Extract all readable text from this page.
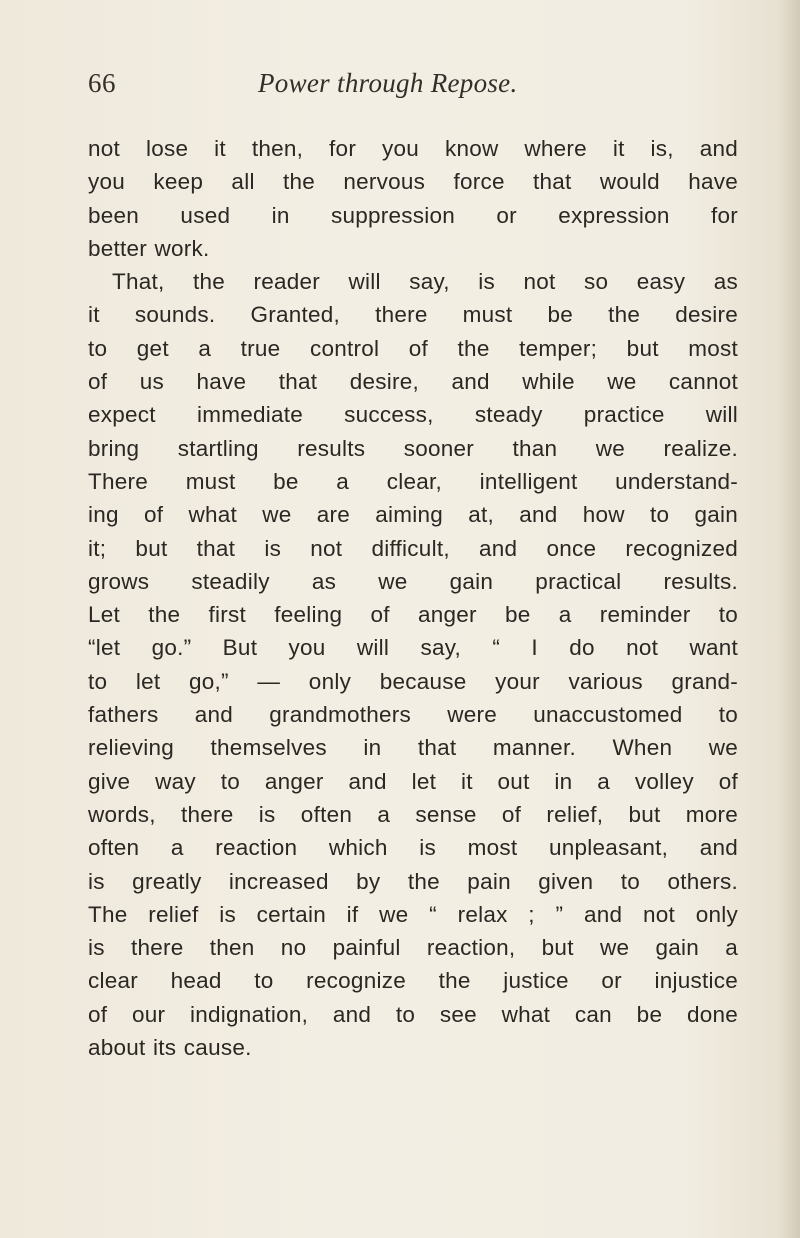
66	Power through Repose.
not lose it then, for you know where it is, and
you keep all the nervous force that would have
been used in suppression or expression for
better work.
That, the reader will say, is not so easy as
it sounds. Granted, there must be the desire
to get a true control of the temper; but most
of us have that desire, and while we cannot
expect immediate success, steady practice will
bring startling results sooner than we realize.
There must be a clear, intelligent understand-
ing of what we are aiming at, and how to gain
it; but that is not difficult, and once recognized
grows steadily as we gain practical results.
Let the first feeling of anger be a reminder to
“let go.” But you will say, “ I do not want
to let go,” — only because your various grand-
fathers and grandmothers were unaccustomed to
relieving themselves in that manner. When we
give way to anger and let it out in a volley of
words, there is often a sense of relief, but more
often a reaction which is most unpleasant, and
is greatly increased by the pain given to others.
The relief is certain if we “ relax ; ” and not only
is there then no painful reaction, but we gain a
clear head to recognize the justice or injustice
of our indignation, and to see what can be done
about its cause.
